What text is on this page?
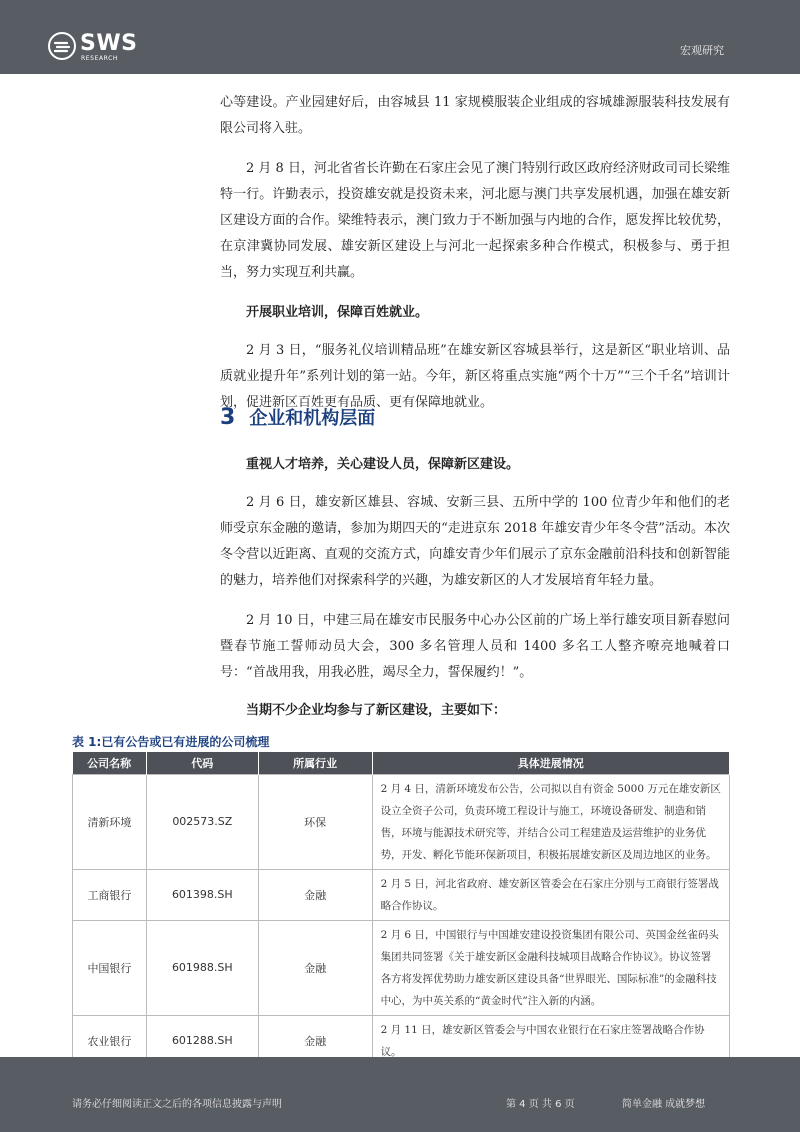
SWS
RESEARCH
宏观研究

心等建设。产业园建好后，由容城县 11 家规模服装企业组成的容城雄源服装科技发展有限公司将入驻。

2 月 8 日，河北省省长许勤在石家庄会见了澳门特别行政区政府经济财政司司长梁维特一行。许勤表示，投资雄安就是投资未来，河北愿与澳门共享发展机遇，加强在雄安新区建设方面的合作。梁维特表示，澳门致力于不断加强与内地的合作，愿发挥比较优势，在京津冀协同发展、雄安新区建设上与河北一起探索多种合作模式，积极参与、勇于担当，努力实现互利共赢。

开展职业培训，保障百姓就业。

2 月 3 日，“服务礼仪培训精品班”在雄安新区容城县举行，这是新区“职业培训、品质就业提升年”系列计划的第一站。今年，新区将重点实施“两个十万”“三个千名”培训计划，促进新区百姓更有品质、更有保障地就业。

3 企业和机构层面

重视人才培养，关心建设人员，保障新区建设。

2 月 6 日，雄安新区雄县、容城、安新三县、五所中学的 100 位青少年和他们的老师受京东金融的邀请，参加为期四天的“走进京东 2018 年雄安青少年冬令营”活动。本次冬令营以近距离、直观的交流方式，向雄安青少年们展示了京东金融前沿科技和创新智能的魅力，培养他们对探索科学的兴趣，为雄安新区的人才发展培育年轻力量。

2 月 10 日，中建三局在雄安市民服务中心办公区前的广场上举行雄安项目新春慰问暨春节施工誓师动员大会，300 多名管理人员和 1400 多名工人整齐嘹亮地喊着口号：“首战用我，用我必胜，竭尽全力，誓保履约！”。

当期不少企业均参与了新区建设，主要如下：

表 1:已有公告或已有进展的公司梳理
公司名称	代码	所属行业	具体进展情况
清新环境	002573.SZ	环保	2 月 4 日，清新环境发布公告，公司拟以自有资金 5000 万元在雄安新区设立全资子公司，负责环境工程设计与施工，环境设备研发、制造和销售，环境与能源技术研究等，并结合公司工程建造及运营维护的业务优势，开发、孵化节能环保新项目，积极拓展雄安新区及周边地区的业务。
工商银行	601398.SH	金融	2 月 5 日，河北省政府、雄安新区管委会在石家庄分别与工商银行签署战略合作协议。
中国银行	601988.SH	金融	2 月 6 日，中国银行与中国雄安建设投资集团有限公司、英国金丝雀码头集团共同签署《关于雄安新区金融科技城项目战略合作协议》。协议签署各方将发挥优势助力雄安新区建设具备“世界眼光、国际标准”的金融科技中心，为中英关系的“黄金时代”注入新的内涵。
农业银行	601288.SH	金融	2 月 11 日，雄安新区管委会与中国农业银行在石家庄签署战略合作协议。
请务必仔细阅读正文之后的各项信息披露与声明	第 4 页 共 6 页	简单金融 成就梦想
